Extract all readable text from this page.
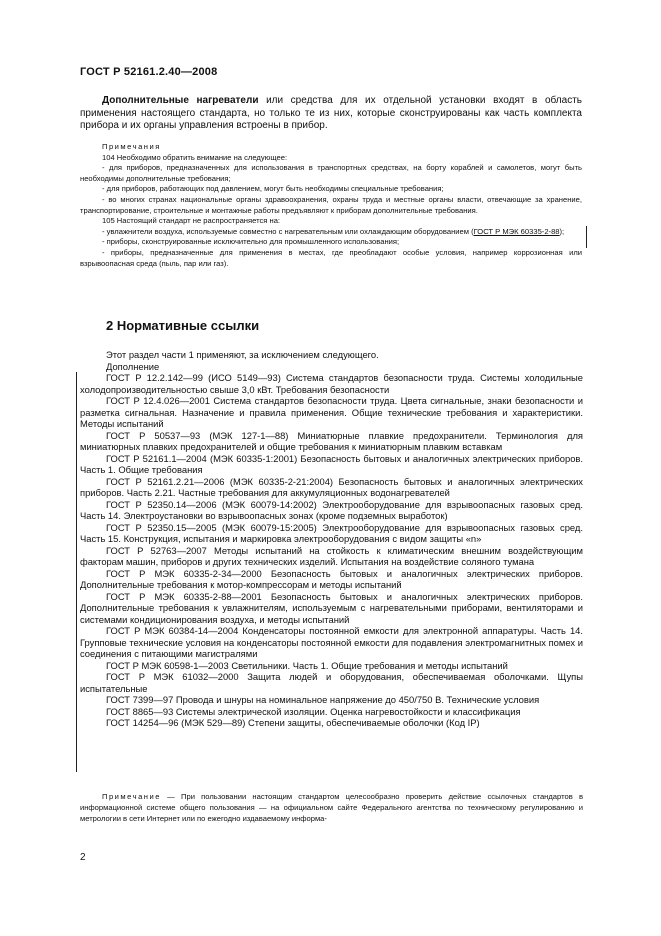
ГОСТ Р 52161.2.40—2008

Дополнительные нагреватели или средства для их отдельной установки входят в область применения настоящего стандарта, но только те из них, которые сконструированы как часть комплекта прибора и их органы управления встроены в прибор.

Примечания

104 Необходимо обратить внимание на следующее:

- для приборов, предназначенных для использования в транспортных средствах, на борту кораблей и самолетов, могут быть необходимы дополнительные требования;

- для приборов, работающих под давлением, могут быть необходимы специальные требования;

- во многих странах национальные органы здравоохранения, охраны труда и местные органы власти, отвечающие за хранение, транспортирование, строительные и монтажные работы предъявляют к приборам дополнительные требования.

105 Настоящий стандарт не распространяется на:

- увлажнители воздуха, используемые совместно с нагревательным или охлаждающим оборудованием (ГОСТ Р МЭК 60335-2-88);

- приборы, сконструированные исключительно для промышленного использования;

- приборы, предназначенные для применения в местах, где преобладают особые условия, например коррозионная или взрывоопасная среда (пыль, пар или газ).

2 Нормативные ссылки

Этот раздел части 1 применяют, за исключением следующего.

Дополнение

ГОСТ Р 12.2.142—99 (ИСО 5149—93) Система стандартов безопасности труда. Системы холодильные холодопроизводительностью свыше 3,0 кВт. Требования безопасности

ГОСТ Р 12.4.026—2001 Система стандартов безопасности труда. Цвета сигнальные, знаки безопасности и разметка сигнальная. Назначение и правила применения. Общие технические требования и характеристики. Методы испытаний

ГОСТ Р 50537—93 (МЭК 127-1—88) Миниатюрные плавкие предохранители. Терминология для миниатюрных плавких предохранителей и общие требования к миниатюрным плавким вставкам

ГОСТ Р 52161.1—2004 (МЭК 60335-1:2001) Безопасность бытовых и аналогичных электрических приборов. Часть 1. Общие требования

ГОСТ Р 52161.2.21—2006 (МЭК 60335-2-21:2004) Безопасность бытовых и аналогичных электрических приборов. Часть 2.21. Частные требования для аккумуляционных водонагревателей

ГОСТ Р 52350.14—2006 (МЭК 60079-14:2002) Электрооборудование для взрывоопасных газовых сред. Часть 14. Электроустановки во взрывоопасных зонах (кроме подземных выработок)

ГОСТ Р 52350.15—2005 (МЭК 60079-15:2005) Электрооборудование для взрывоопасных газовых сред. Часть 15. Конструкция, испытания и маркировка электрооборудования с видом защиты «n»

ГОСТ Р 52763—2007 Методы испытаний на стойкость к климатическим внешним воздействующим факторам машин, приборов и других технических изделий. Испытания на воздействие соляного тумана

ГОСТ Р МЭК 60335-2-34—2000 Безопасность бытовых и аналогичных электрических приборов. Дополнительные требования к мотор-компрессорам и методы испытаний

ГОСТ Р МЭК 60335-2-88—2001 Безопасность бытовых и аналогичных электрических приборов. Дополнительные требования к увлажнителям, используемым с нагревательными приборами, вентиляторами и системами кондиционирования воздуха, и методы испытаний

ГОСТ Р МЭК 60384-14—2004 Конденсаторы постоянной емкости для электронной аппаратуры. Часть 14. Групповые технические условия на конденсаторы постоянной емкости для подавления электромагнитных помех и соединения с питающими магистралями

ГОСТ Р МЭК 60598-1—2003 Светильники. Часть 1. Общие требования и методы испытаний

ГОСТ Р МЭК 61032—2000 Защита людей и оборудования, обеспечиваемая оболочками. Щупы испытательные

ГОСТ 7399—97 Провода и шнуры на номинальное напряжение до 450/750 В. Технические условия

ГОСТ 8865—93 Системы электрической изоляции. Оценка нагревостойкости и классификация

ГОСТ 14254—96 (МЭК 529—89) Степени защиты, обеспечиваемые оболочки (Код IP)

Примечание — При пользовании настоящим стандартом целесообразно проверить действие ссылочных стандартов в информационной системе общего пользования — на официальном сайте Федерального агентства по техническому регулированию и метрологии в сети Интернет или по ежегодно издаваемому информа-

2
